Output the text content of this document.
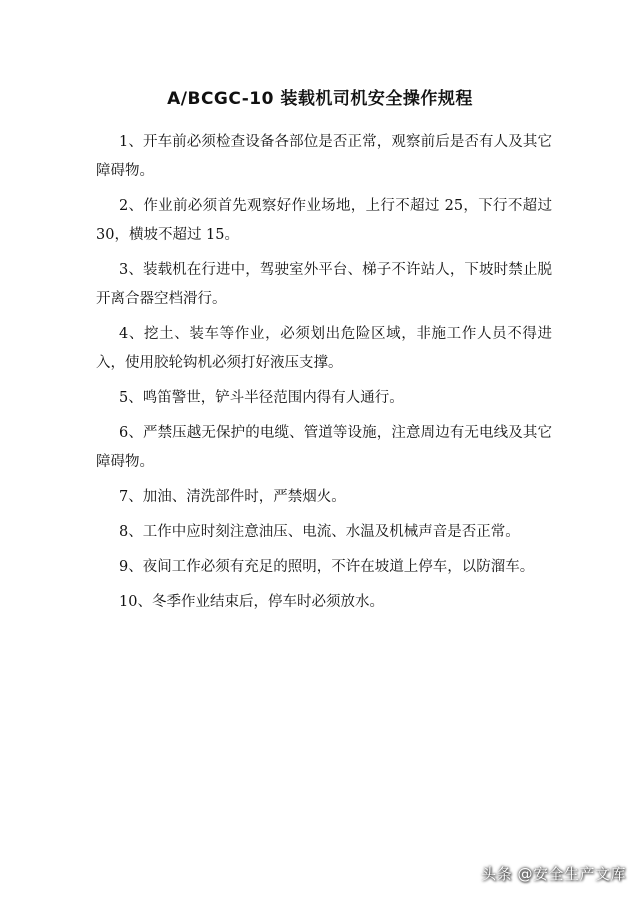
A/BCGC-10 装载机司机安全操作规程

1、开车前必须检查设备各部位是否正常，观察前后是否有人及其它障碍物。

2、作业前必须首先观察好作业场地，上行不超过 25，下行不超过 30，横坡不超过 15。

3、装载机在行进中，驾驶室外平台、梯子不许站人，下坡时禁止脱开离合器空档滑行。

4、挖土、装车等作业，必须划出危险区域，非施工作人员不得进入，使用胶轮钩机必须打好液压支撑。

5、鸣笛警世，铲斗半径范围内得有人通行。

6、严禁压越无保护的电缆、管道等设施，注意周边有无电线及其它障碍物。

7、加油、清洗部件时，严禁烟火。

8、工作中应时刻注意油压、电流、水温及机械声音是否正常。

9、夜间工作必须有充足的照明，不许在坡道上停车，以防溜车。

10、冬季作业结束后，停车时必须放水。

头条 @安全生产文库
